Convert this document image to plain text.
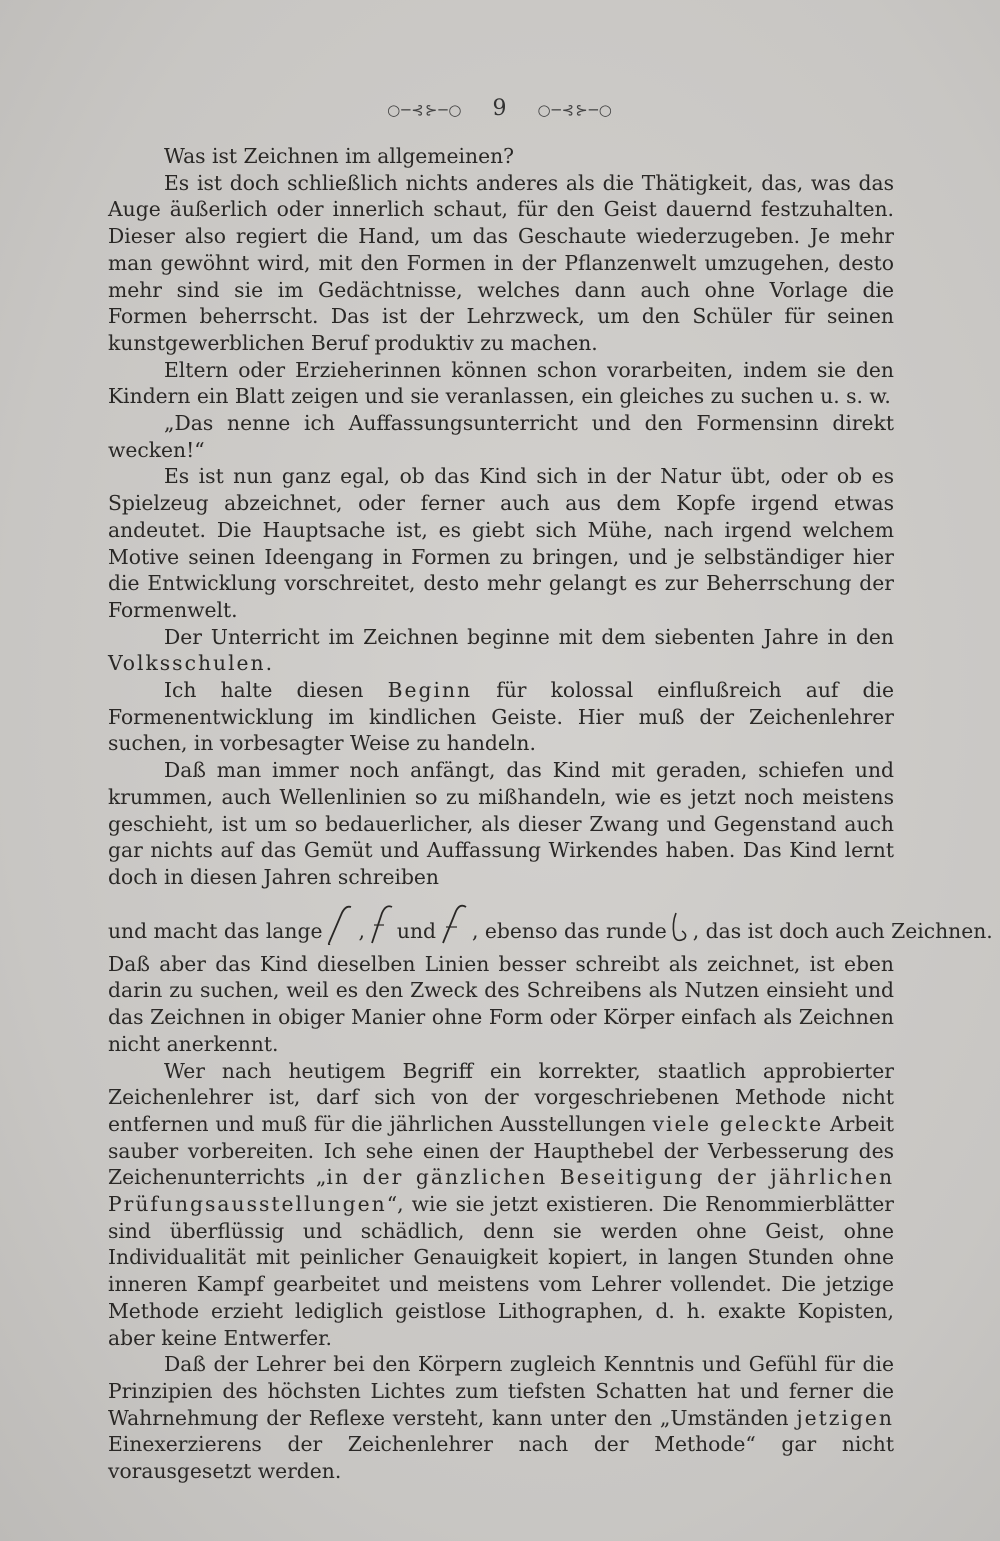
○─⊰⊱─○ 9 ○─⊰⊱─○

Was ist Zeichnen im allgemeinen?

Es ist doch schließlich nichts anderes als die Thätigkeit, das, was das Auge äußerlich oder innerlich schaut, für den Geist dauernd festzuhalten. Dieser also regiert die Hand, um das Geschaute wiederzugeben. Je mehr man gewöhnt wird, mit den Formen in der Pflanzenwelt umzugehen, desto mehr sind sie im Gedächtnisse, welches dann auch ohne Vorlage die Formen beherrscht. Das ist der Lehrzweck, um den Schüler für seinen kunstgewerblichen Beruf produktiv zu machen.

Eltern oder Erzieherinnen können schon vorarbeiten, indem sie den Kindern ein Blatt zeigen und sie veranlassen, ein gleiches zu suchen u. s. w.

„Das nenne ich Auffassungsunterricht und den Formensinn direkt wecken!“

Es ist nun ganz egal, ob das Kind sich in der Natur übt, oder ob es Spielzeug abzeichnet, oder ferner auch aus dem Kopfe irgend etwas andeutet. Die Hauptsache ist, es giebt sich Mühe, nach irgend welchem Motive seinen Ideengang in Formen zu bringen, und je selbständiger hier die Entwicklung vorschreitet, desto mehr gelangt es zur Beherrschung der Formenwelt.

Der Unterricht im Zeichnen beginne mit dem siebenten Jahre in den Volksschulen.

Ich halte diesen Beginn für kolossal einflußreich auf die Formenentwicklung im kindlichen Geiste. Hier muß der Zeichenlehrer suchen, in vorbesagter Weise zu handeln.

Daß man immer noch anfängt, das Kind mit geraden, schiefen und krummen, auch Wellenlinien so zu mißhandeln, wie es jetzt noch meistens geschieht, ist um so bedauerlicher, als dieser Zwang und Gegenstand auch gar nichts auf das Gemüt und Auffassung Wirkendes haben. Das Kind lernt doch in diesen Jahren schreiben

und macht das lange , und , ebenso das runde , das ist doch auch Zeichnen.

Daß aber das Kind dieselben Linien besser schreibt als zeichnet, ist eben darin zu suchen, weil es den Zweck des Schreibens als Nutzen einsieht und das Zeichnen in obiger Manier ohne Form oder Körper einfach als Zeichnen nicht anerkennt.

Wer nach heutigem Begriff ein korrekter, staatlich approbierter Zeichenlehrer ist, darf sich von der vorgeschriebenen Methode nicht entfernen und muß für die jährlichen Ausstellungen viele geleckte Arbeit sauber vorbereiten. Ich sehe einen der Haupthebel der Verbesserung des Zeichenunterrichts „in der gänzlichen Beseitigung der jährlichen Prüfungsausstellungen“, wie sie jetzt existieren. Die Renommierblätter sind überflüssig und schädlich, denn sie werden ohne Geist, ohne Individualität mit peinlicher Genauigkeit kopiert, in langen Stunden ohne inneren Kampf gearbeitet und meistens vom Lehrer vollendet. Die jetzige Methode erzieht lediglich geistlose Lithographen, d. h. exakte Kopisten, aber keine Entwerfer.

Daß der Lehrer bei den Körpern zugleich Kenntnis und Gefühl für die Prinzipien des höchsten Lichtes zum tiefsten Schatten hat und ferner die Wahrnehmung der Reflexe versteht, kann unter den „Umständen jetzigen Einexerzierens der Zeichenlehrer nach der Methode“ gar nicht vorausgesetzt werden.
